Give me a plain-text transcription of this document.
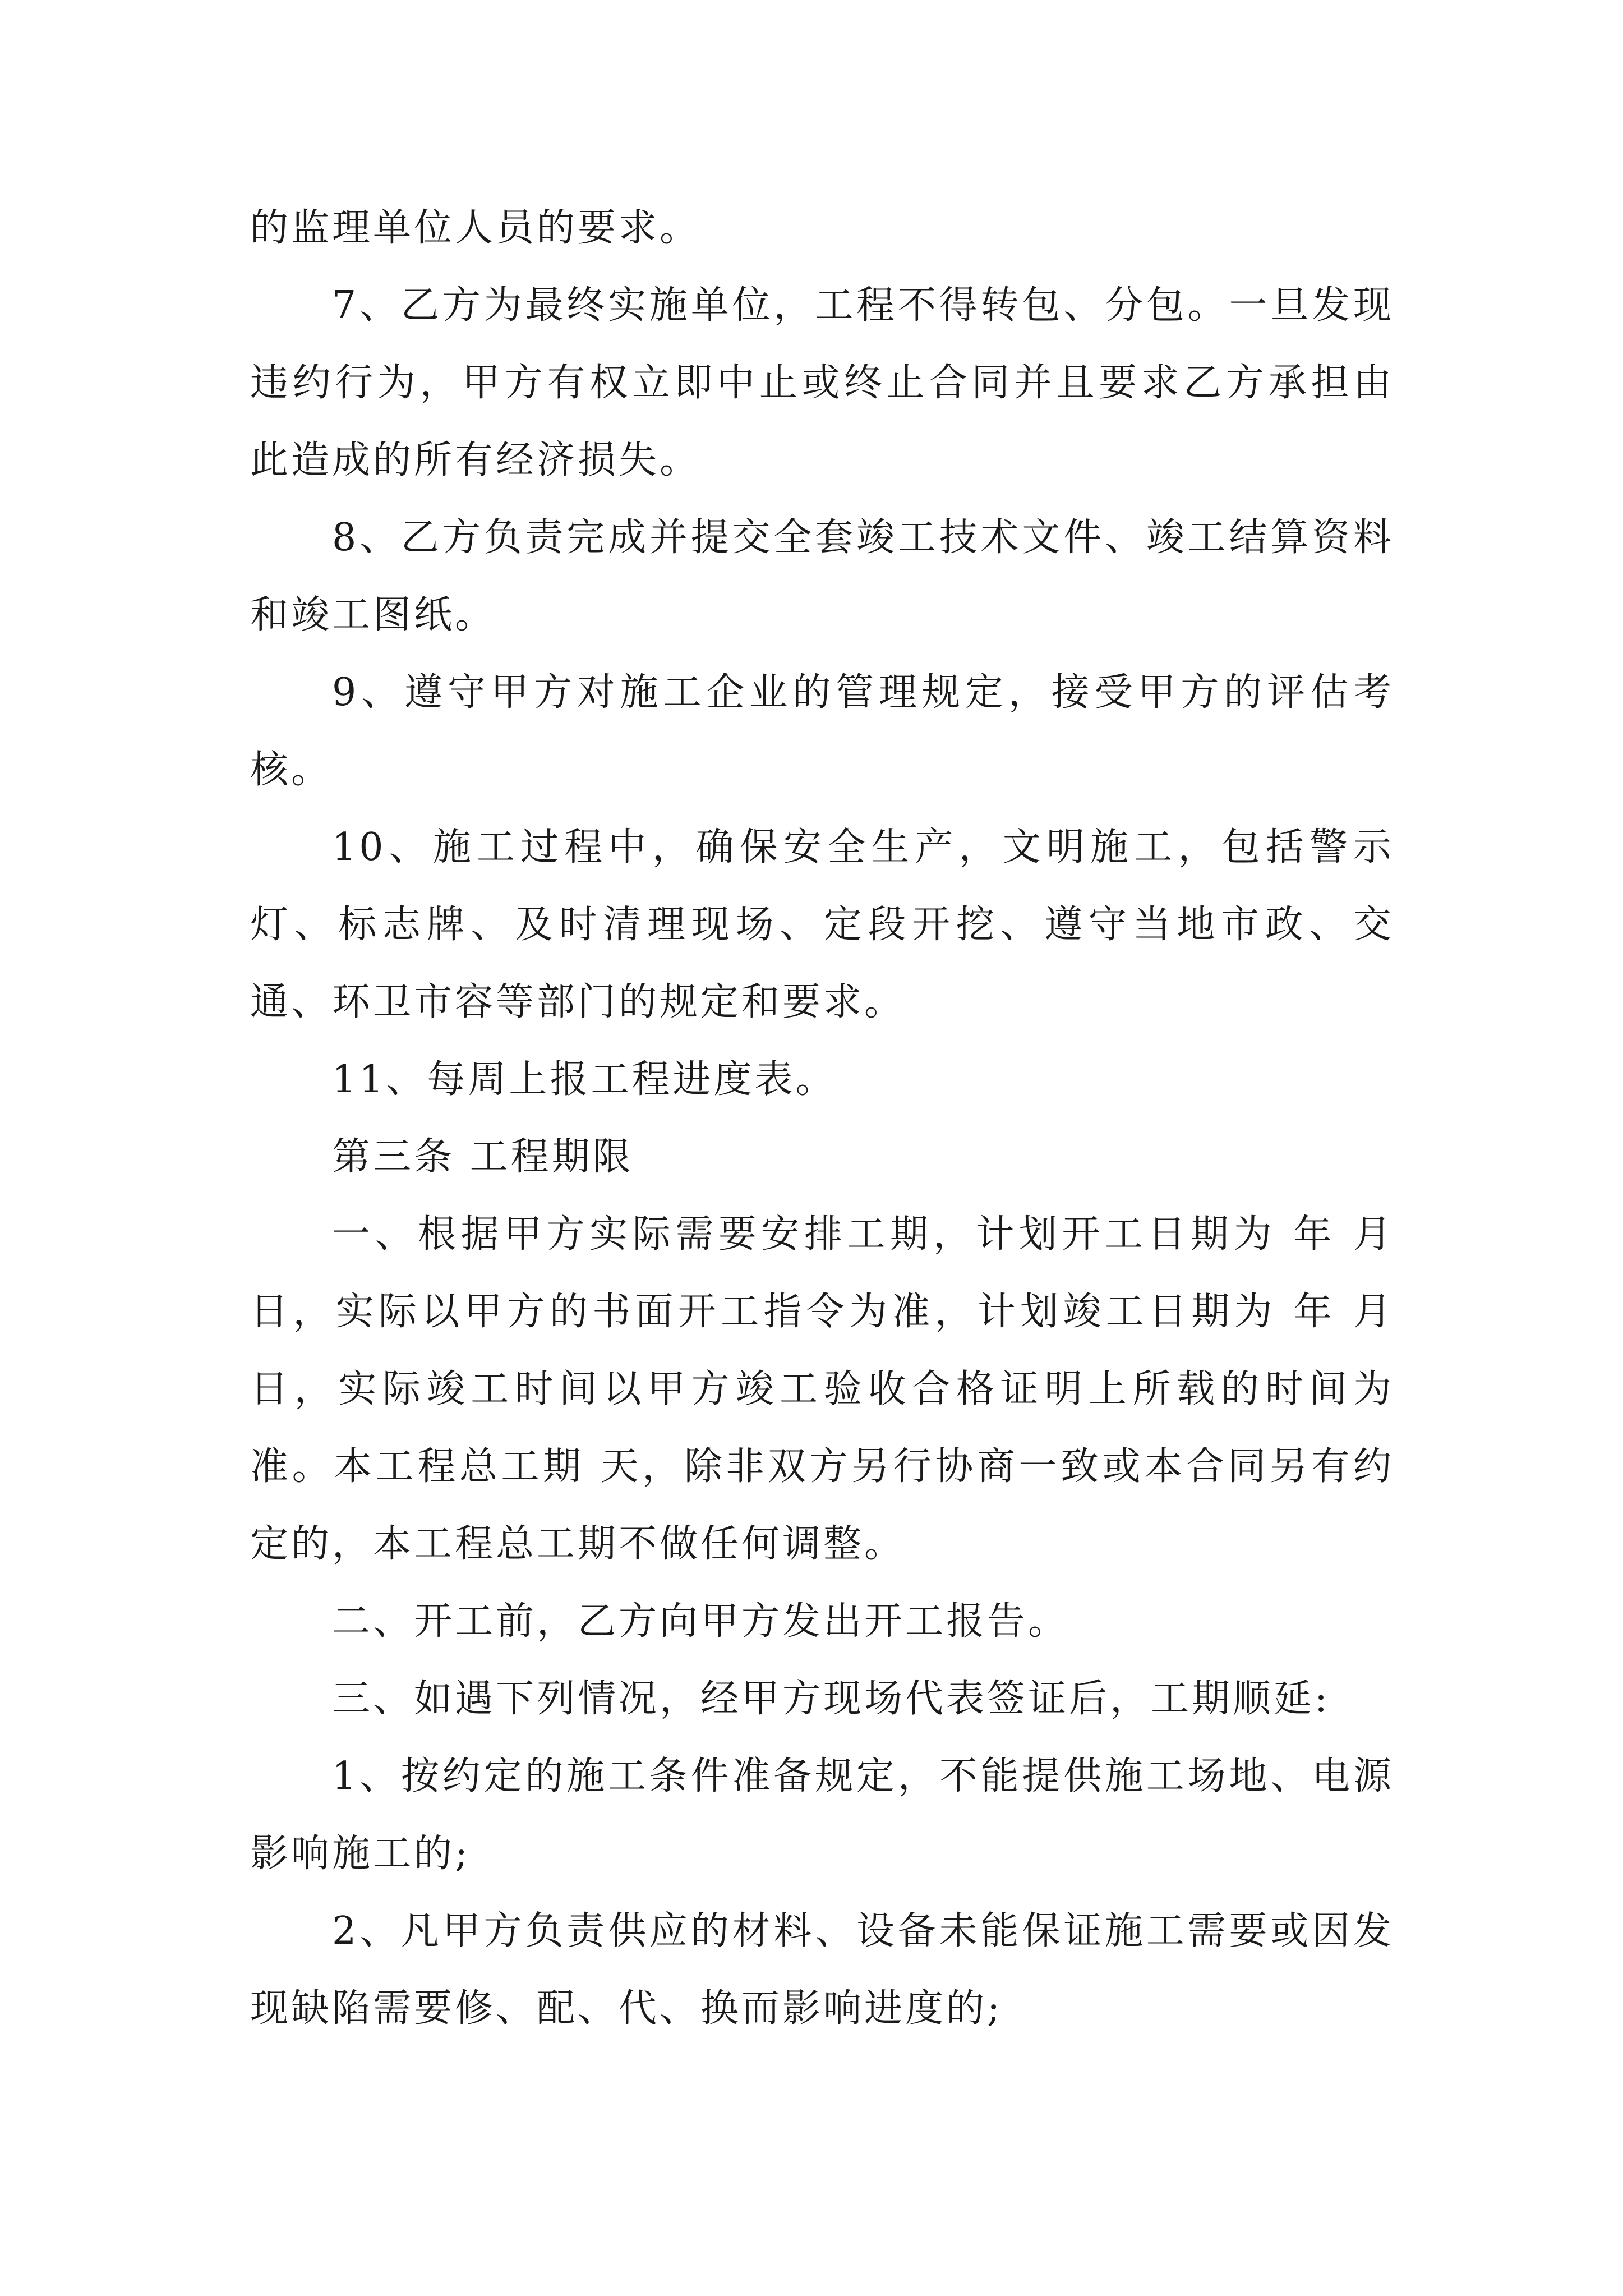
的监理单位人员的要求。

7、乙方为最终实施单位，工程不得转包、分包。一旦发现违约行为，甲方有权立即中止或终止合同并且要求乙方承担由此造成的所有经济损失。

8、乙方负责完成并提交全套竣工技术文件、竣工结算资料和竣工图纸。

9、遵守甲方对施工企业的管理规定，接受甲方的评估考核。

10、施工过程中，确保安全生产，文明施工，包括警示灯、标志牌、及时清理现场、定段开挖、遵守当地市政、交通、环卫市容等部门的规定和要求。

11、每周上报工程进度表。

第三条 工程期限

一、根据甲方实际需要安排工期，计划开工日期为 年 月 日，实际以甲方的书面开工指令为准，计划竣工日期为 年 月 日，实际竣工时间以甲方竣工验收合格证明上所载的时间为准。本工程总工期 天，除非双方另行协商一致或本合同另有约定的，本工程总工期不做任何调整。

二、开工前，乙方向甲方发出开工报告。

三、如遇下列情况，经甲方现场代表签证后，工期顺延:

1、按约定的施工条件准备规定，不能提供施工场地、电源影响施工的;

2、凡甲方负责供应的材料、设备未能保证施工需要或因发现缺陷需要修、配、代、换而影响进度的;
